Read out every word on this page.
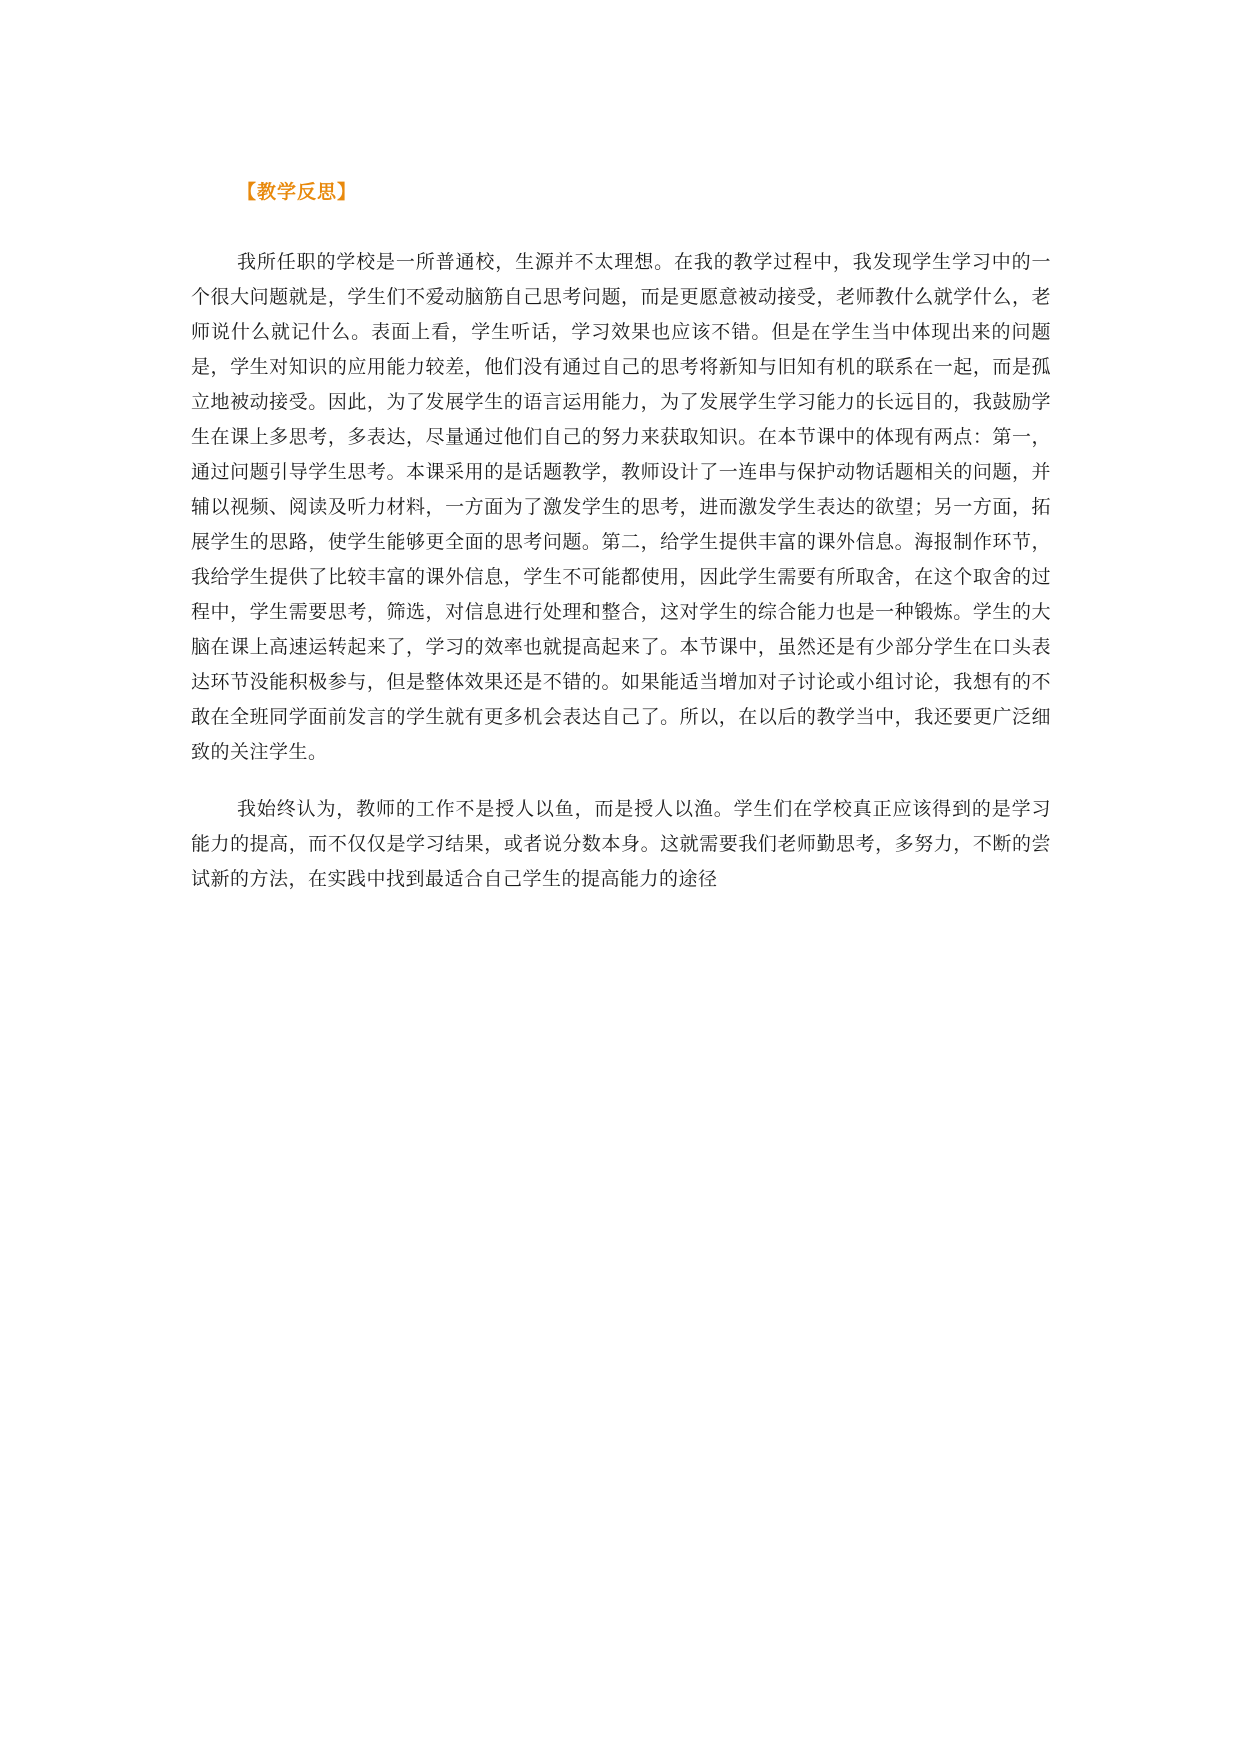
【教学反思】

我所任职的学校是一所普通校，生源并不太理想。在我的教学过程中，我发现学生学习中的一个很大问题就是，学生们不爱动脑筋自己思考问题，而是更愿意被动接受，老师教什么就学什么，老师说什么就记什么。表面上看，学生听话，学习效果也应该不错。但是在学生当中体现出来的问题是，学生对知识的应用能力较差，他们没有通过自己的思考将新知与旧知有机的联系在一起，而是孤立地被动接受。因此，为了发展学生的语言运用能力，为了发展学生学习能力的长远目的，我鼓励学生在课上多思考，多表达，尽量通过他们自己的努力来获取知识。在本节课中的体现有两点：第一，通过问题引导学生思考。本课采用的是话题教学，教师设计了一连串与保护动物话题相关的问题，并辅以视频、阅读及听力材料，一方面为了激发学生的思考，进而激发学生表达的欲望；另一方面，拓展学生的思路，使学生能够更全面的思考问题。第二，给学生提供丰富的课外信息。海报制作环节，我给学生提供了比较丰富的课外信息，学生不可能都使用，因此学生需要有所取舍，在这个取舍的过程中，学生需要思考，筛选，对信息进行处理和整合，这对学生的综合能力也是一种锻炼。学生的大脑在课上高速运转起来了，学习的效率也就提高起来了。本节课中，虽然还是有少部分学生在口头表达环节没能积极参与，但是整体效果还是不错的。如果能适当增加对子讨论或小组讨论，我想有的不敢在全班同学面前发言的学生就有更多机会表达自己了。所以，在以后的教学当中，我还要更广泛细致的关注学生。

我始终认为，教师的工作不是授人以鱼，而是授人以渔。学生们在学校真正应该得到的是学习能力的提高，而不仅仅是学习结果，或者说分数本身。这就需要我们老师勤思考，多努力，不断的尝试新的方法，在实践中找到最适合自己学生的提高能力的途径
